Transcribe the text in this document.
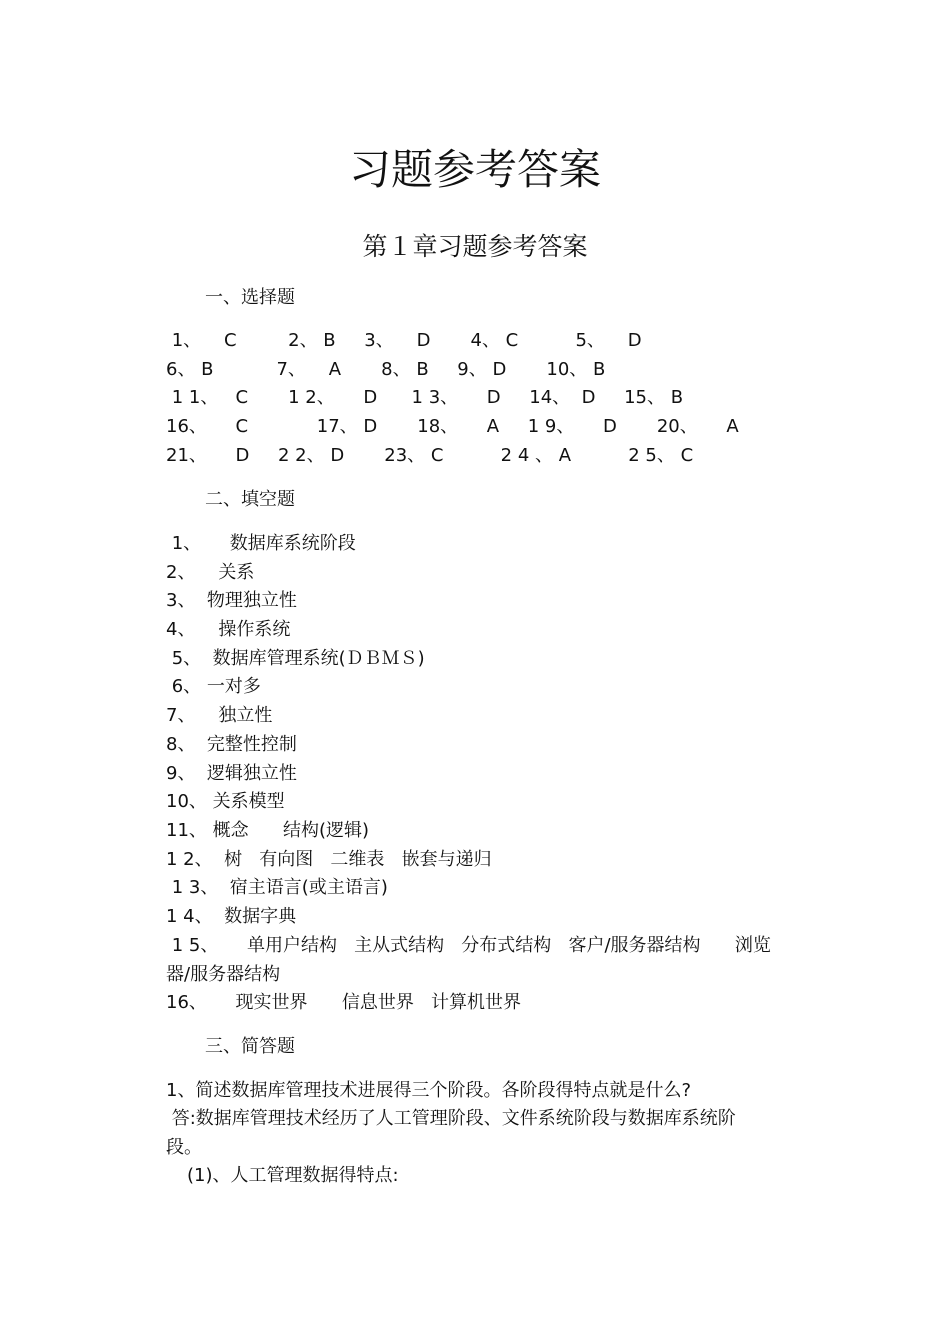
习题参考答案
第１章习题参考答案
一、选择题
1、    C         2、 B     3、    D       4、 C          5、    D
6、 B           7、    A       8、 B     9、 D       10、 B
1 1、   C       1 2、     D      1 3、     D     14、  D     15、 B
16、     C            17、 D       18、     A     1 9、     D       20、     A
21、     D     2 2、 D       23、 C          2 4 、 A          2 5、 C
二、填空题
1、     数据库系统阶段
2、    关系
3、  物理独立性
4、    操作系统
5、  数据库管理系统(ＤＢＭＳ)
6、 一对多
7、    独立性
8、  完整性控制
9、  逻辑独立性
10、 关系模型
11、 概念      结构(逻辑)
1 2、  树   有向图   二维表   嵌套与递归
1 3、  宿主语言(或主语言)
1 4、  数据字典
1 5、     单用户结构   主从式结构   分布式结构   客户/服务器结构      浏览
器/服务器结构
16、     现实世界      信息世界   计算机世界
三、简答题
1、简述数据库管理技术进展得三个阶段。各阶段得特点就是什么?
答:数据库管理技术经历了人工管理阶段、文件系统阶段与数据库系统阶
段。
(1)、人工管理数据得特点:
